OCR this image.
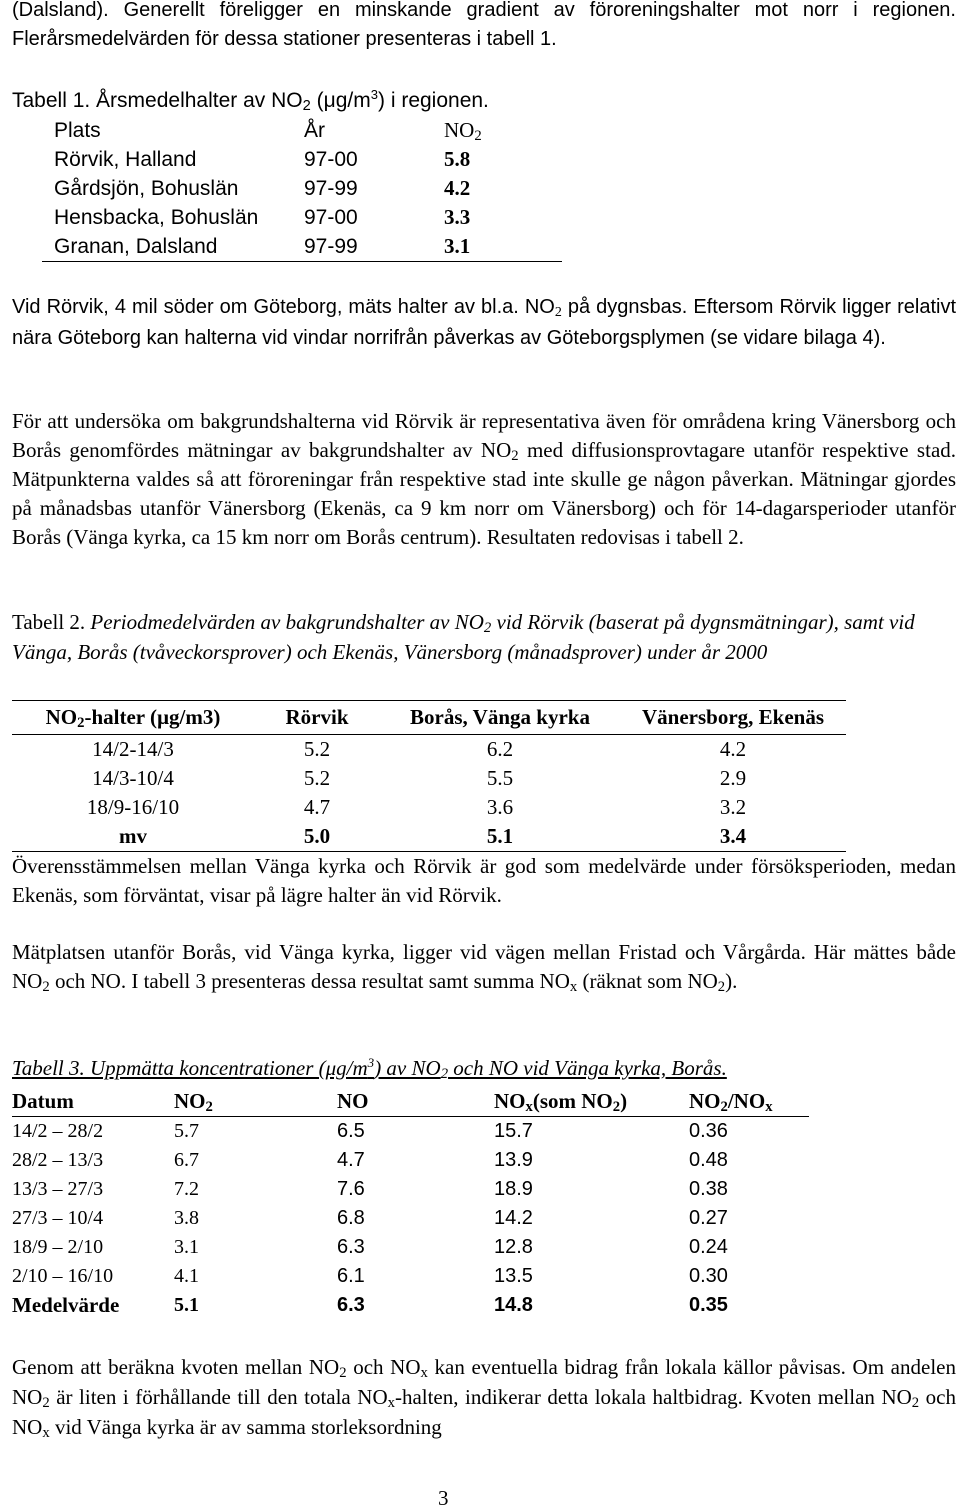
(Dalsland). Generellt föreligger en minskande gradient av föroreningshalter mot norr i regionen. Flerårsmedelvärden för dessa stationer presenteras i tabell 1.

Tabell 1. Årsmedelhalter av $NO_2$ $(\mu g/m^3)$ i regionen.

Plats	År	$NO_2$
Rörvik, Halland	97-00	5.8
Gårdsjön, Bohuslän	97-99	4.2
Hensbacka, Bohuslän	97-00	3.3
Granan, Dalsland	97-99	3.1

Vid Rörvik, 4 mil söder om Göteborg, mäts halter av bl.a. $NO_2$ på dygnsbas. Eftersom Rörvik ligger relativt nära Göteborg kan halterna vid vindar norrifrån påverkas av Göteborgsplymen (se vidare bilaga 4).

För att undersöka om bakgrundshalterna vid Rörvik är representativa även för områdena kring Vänersborg och Borås genomfördes mätningar av bakgrundshalter av $NO_2$ med diffusionsprovtagare utanför respektive stad. Mätpunkterna valdes så att föroreningar från respektive stad inte skulle ge någon påverkan. Mätningar gjordes på månadsbas utanför Vänersborg (Ekenäs, ca 9 km norr om Vänersborg) och för 14-dagarsperioder utanför Borås (Vänga kyrka, ca 15 km norr om Borås centrum). Resultaten redovisas i tabell 2.

Tabell 2. Periodmedelvärden av bakgrundshalter av $NO_2$ vid Rörvik (baserat på dygnsmätningar), samt vid Vänga, Borås (tvåveckorsprover) och Ekenäs, Vänersborg (månadsprover) under år 2000

$NO_2$-halter (µg/m3)	Rörvik	Borås, Vänga kyrka	Vänersborg, Ekenäs
14/2-14/3	5.2	6.2	4.2
14/3-10/4	5.2	5.5	2.9
18/9-16/10	4.7	3.6	3.2
mv	5.0	5.1	3.4

Överensstämmelsen mellan Vänga kyrka och Rörvik är god som medelvärde under försöksperioden, medan Ekenäs, som förväntat, visar på lägre halter än vid Rörvik.

Mätplatsen utanför Borås, vid Vänga kyrka, ligger vid vägen mellan Fristad och Vårgårda. Här mättes både $NO_2$ och NO. I tabell 3 presenteras dessa resultat samt summa $NO_x$ (räknat som $NO_2$).

Tabell 3. Uppmätta koncentrationer $(\mu g/m^3)$ av $NO_2$ och NO vid Vänga kyrka, Borås.

Datum	$NO_2$	NO	$NO_x(som$ $NO_2$)	$NO_2/NO_x$
14/2 – 28/2	5.7	6.5	15.7	0.36
28/2 – 13/3	6.7	4.7	13.9	0.48
13/3 – 27/3	7.2	7.6	18.9	0.38
27/3 – 10/4	3.8	6.8	14.2	0.27
18/9 – 2/10	3.1	6.3	12.8	0.24
2/10 – 16/10	4.1	6.1	13.5	0.30
Medelvärde	5.1	6.3	14.8	0.35

Genom att beräkna kvoten mellan $NO_2$ och $NO_x$ kan eventuella bidrag från lokala källor påvisas. Om andelen $NO_2$ är liten i förhållande till den totala $NO_x$-halten, indikerar detta lokala haltbidrag. Kvoten mellan $NO_2$ och $NO_x$ vid Vänga kyrka är av samma storleksordning

3
